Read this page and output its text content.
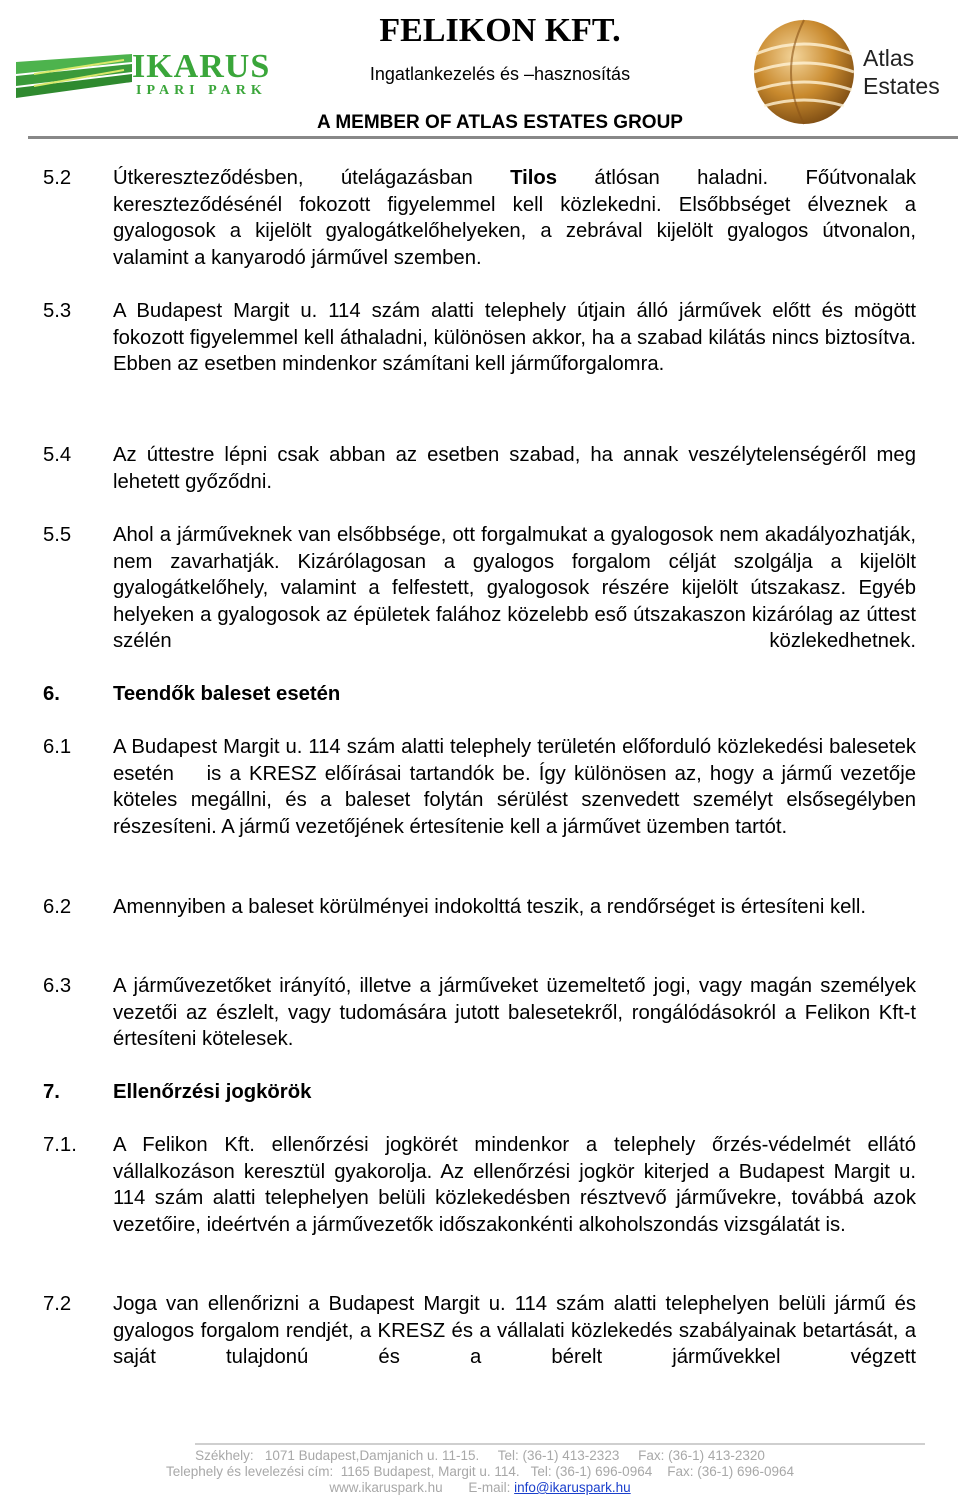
IKARUS
IPARI PARK
FELIKON KFT.
Ingatlankezelés és –hasznosítás
A MEMBER OF ATLAS ESTATES GROUP
Atlas
Estates
5.2 Útkereszteződésben, útelágazásban Tilos átlósan haladni. Főútvonalak kereszteződésénél fokozott figyelemmel kell közlekedni. Elsőbbséget élveznek a gyalogosok a kijelölt gyalogátkelőhelyeken, a zebrával kijelölt gyalogos útvonalon, valamint a kanyarodó járművel szemben.
5.3 A Budapest Margit u. 114 szám alatti telephely útjain álló járművek előtt és mögött fokozott figyelemmel kell áthaladni, különösen akkor, ha a szabad kilátás nincs biztosítva. Ebben az esetben mindenkor számítani kell járműforgalomra.
5.4 Az úttestre lépni csak abban az esetben szabad, ha annak veszélytelenségéről meg lehetett győződni.
5.5 Ahol a járműveknek van elsőbbsége, ott forgalmukat a gyalogosok nem akadályozhatják, nem zavarhatják. Kizárólagosan a gyalogos forgalom célját szolgálja a kijelölt gyalogátkelőhely, valamint a felfestett, gyalogosok részére kijelölt útszakasz. Egyéb helyeken a gyalogosok az épületek falához közelebb eső útszakaszon kizárólag az úttest szélén közlekedhetnek.
6.	Teendők baleset esetén
6.1 A Budapest Margit u. 114 szám alatti telephely területén előforduló közlekedési balesetek esetén    is a KRESZ előírásai tartandók be. Így különösen az, hogy a jármű vezetője köteles megállni, és a baleset folytán sérülést szenvedett személyt elsősegélyben részesíteni. A jármű vezetőjének értesítenie kell a járművet üzemben tartót.
6.2 Amennyiben a baleset körülményei indokolttá teszik, a rendőrséget is értesíteni kell.
6.3 A járművezetőket irányító, illetve a járműveket üzemeltető jogi, vagy magán személyek vezetői az észlelt, vagy tudomására jutott balesetekről, rongálódásokról a Felikon Kft-t értesíteni kötelesek.
7.	Ellenőrzési jogkörök
7.1. A Felikon Kft. ellenőrzési jogkörét mindenkor a telephely őrzés-védelmét ellátó vállalkozáson keresztül gyakorolja. Az ellenőrzési jogkör kiterjed a Budapest Margit u. 114 szám alatti telephelyen belüli közlekedésben résztvevő járművekre, továbbá azok vezetőire, ideértvén a járművezetők időszakonkénti alkoholszondás vizsgálatát is.
7.2 Joga van ellenőrizni a Budapest Margit u. 114 szám alatti telephelyen belüli jármű és gyalogos forgalom rendjét, a KRESZ és a vállalati közlekedés szabályainak betartását, a saját tulajdonú és a bérelt járművekkel végzett
Székhely:   1071 Budapest,Damjanich u. 11-15.     Tel: (36-1) 413-2323     Fax: (36-1) 413-2320
Telephely és levelezési cím:  1165 Budapest, Margit u. 114.   Tel: (36-1) 696-0964    Fax: (36-1) 696-0964
www.ikaruspark.hu E-mail: info@ikaruspark.hu
